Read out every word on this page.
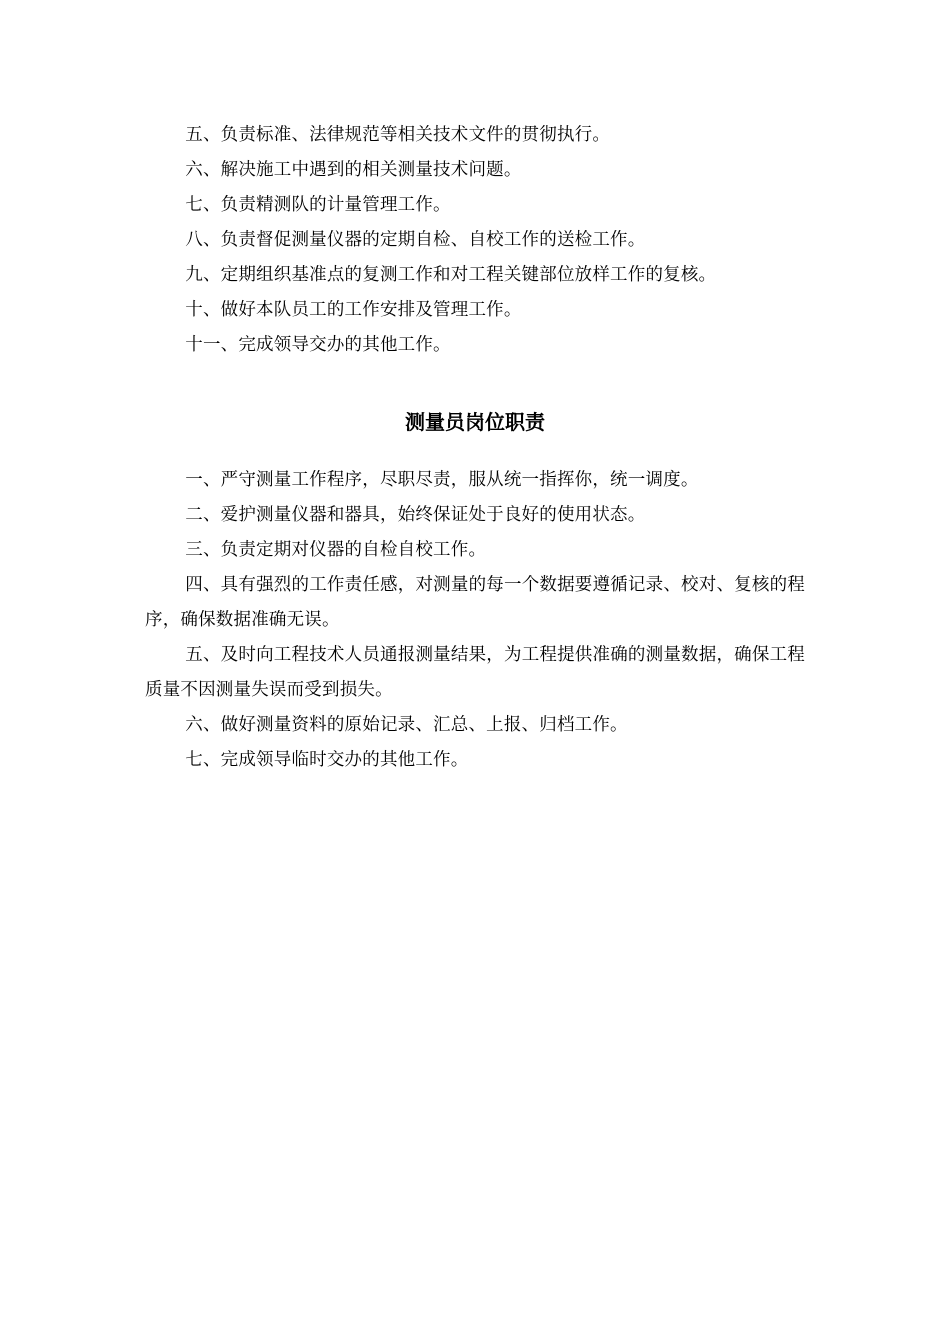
五、负责标准、法律规范等相关技术文件的贯彻执行。

六、解决施工中遇到的相关测量技术问题。

七、负责精测队的计量管理工作。

八、负责督促测量仪器的定期自检、自校工作的送检工作。

九、定期组织基准点的复测工作和对工程关键部位放样工作的复核。

十、做好本队员工的工作安排及管理工作。

十一、完成领导交办的其他工作。

测量员岗位职责

一、严守测量工作程序，尽职尽责，服从统一指挥你，统一调度。

二、爱护测量仪器和器具，始终保证处于良好的使用状态。

三、负责定期对仪器的自检自校工作。

四、具有强烈的工作责任感，对测量的每一个数据要遵循记录、校对、复核的程序，确保数据准确无误。

五、及时向工程技术人员通报测量结果，为工程提供准确的测量数据，确保工程质量不因测量失误而受到损失。

六、做好测量资料的原始记录、汇总、上报、归档工作。

七、完成领导临时交办的其他工作。
